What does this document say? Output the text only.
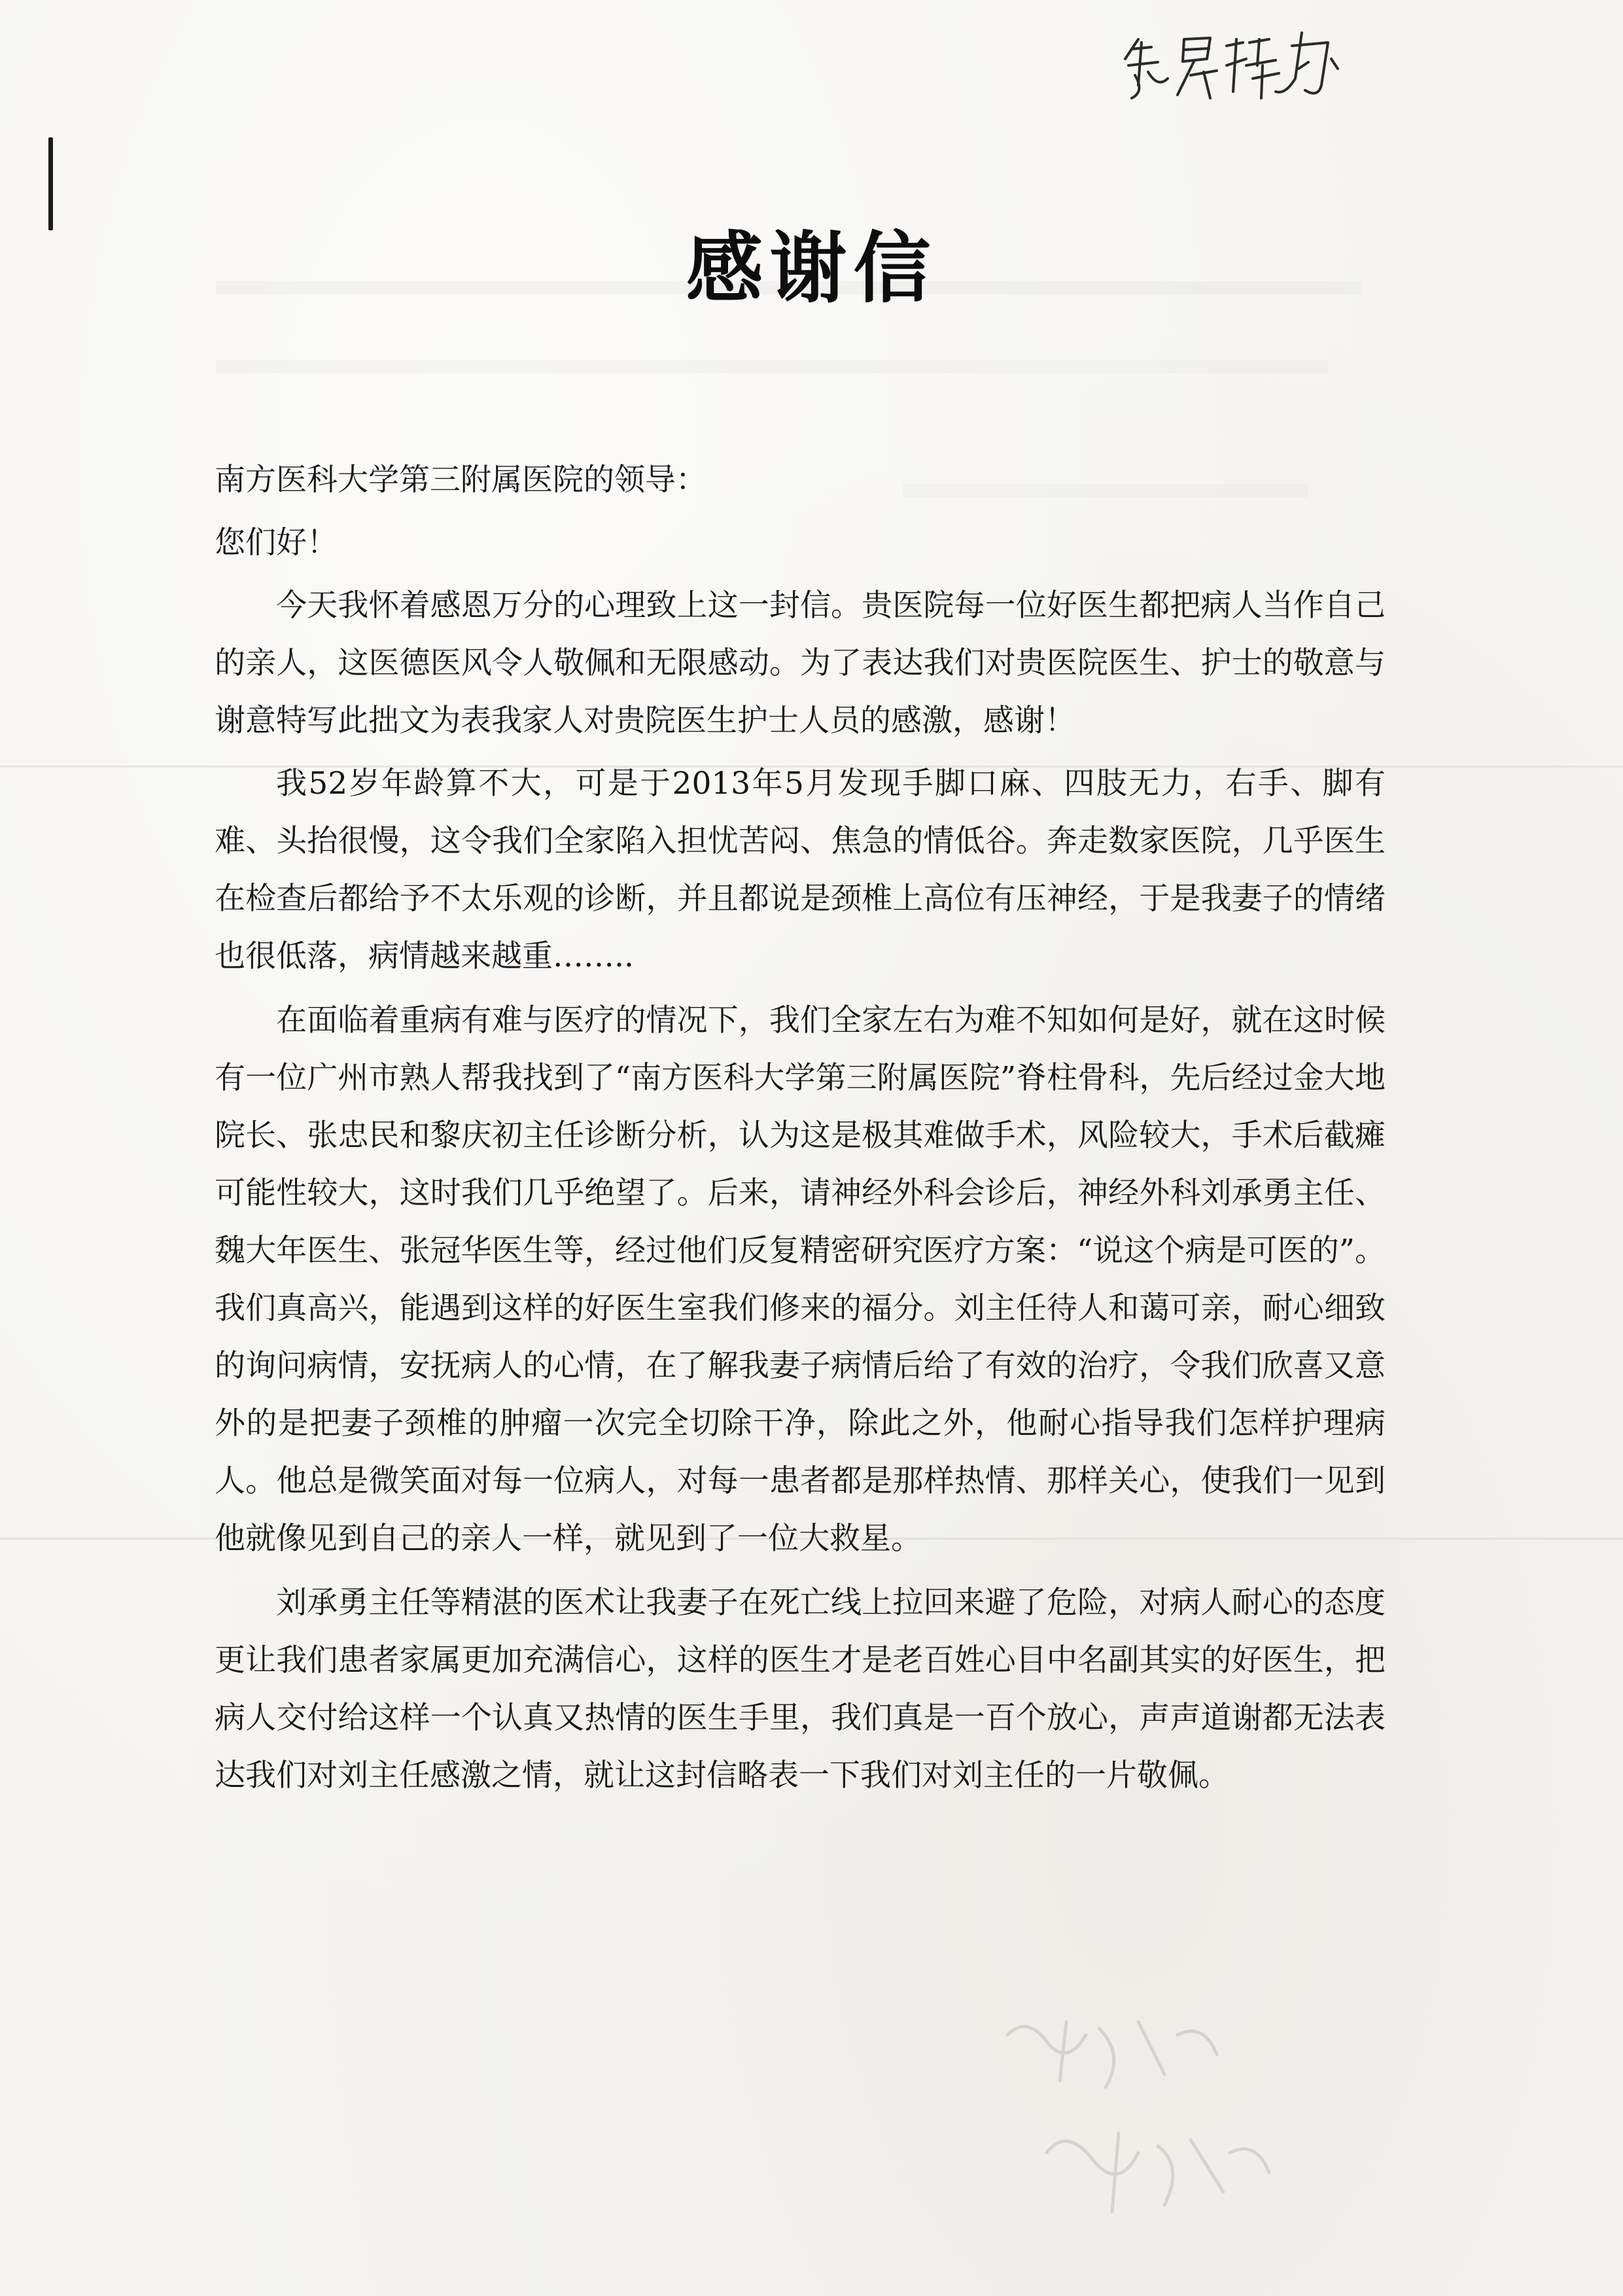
感谢信

南方医科大学第三附属医院的领导：

您们好！

今天我怀着感恩万分的心理致上这一封信。贵医院每一位好医生都把病人当作自己的亲人，这医德医风令人敬佩和无限感动。为了表达我们对贵医院医生、护士的敬意与谢意特写此拙文为表我家人对贵院医生护士人员的感激，感谢！

我52岁年龄算不大，可是于2013年5月发现手脚口麻、四肢无力，右手、脚有难、头抬很慢，这令我们全家陷入担忧苦闷、焦急的情低谷。奔走数家医院，几乎医生在检查后都给予不太乐观的诊断，并且都说是颈椎上高位有压神经，于是我妻子的情绪也很低落，病情越来越重……..

在面临着重病有难与医疗的情况下，我们全家左右为难不知如何是好，就在这时候有一位广州市熟人帮我找到了“南方医科大学第三附属医院”脊柱骨科，先后经过金大地院长、张忠民和黎庆初主任诊断分析，认为这是极其难做手术，风险较大，手术后截瘫可能性较大，这时我们几乎绝望了。后来，请神经外科会诊后，神经外科刘承勇主任、魏大年医生、张冠华医生等，经过他们反复精密研究医疗方案：“说这个病是可医的”。我们真高兴，能遇到这样的好医生室我们修来的福分。刘主任待人和蔼可亲，耐心细致的询问病情，安抚病人的心情，在了解我妻子病情后给了有效的治疗，令我们欣喜又意外的是把妻子颈椎的肿瘤一次完全切除干净，除此之外，他耐心指导我们怎样护理病人。他总是微笑面对每一位病人，对每一患者都是那样热情、那样关心，使我们一见到他就像见到自己的亲人一样，就见到了一位大救星。

刘承勇主任等精湛的医术让我妻子在死亡线上拉回来避了危险，对病人耐心的态度更让我们患者家属更加充满信心，这样的医生才是老百姓心目中名副其实的好医生，把病人交付给这样一个认真又热情的医生手里，我们真是一百个放心，声声道谢都无法表达我们对刘主任感激之情，就让这封信略表一下我们对刘主任的一片敬佩。
